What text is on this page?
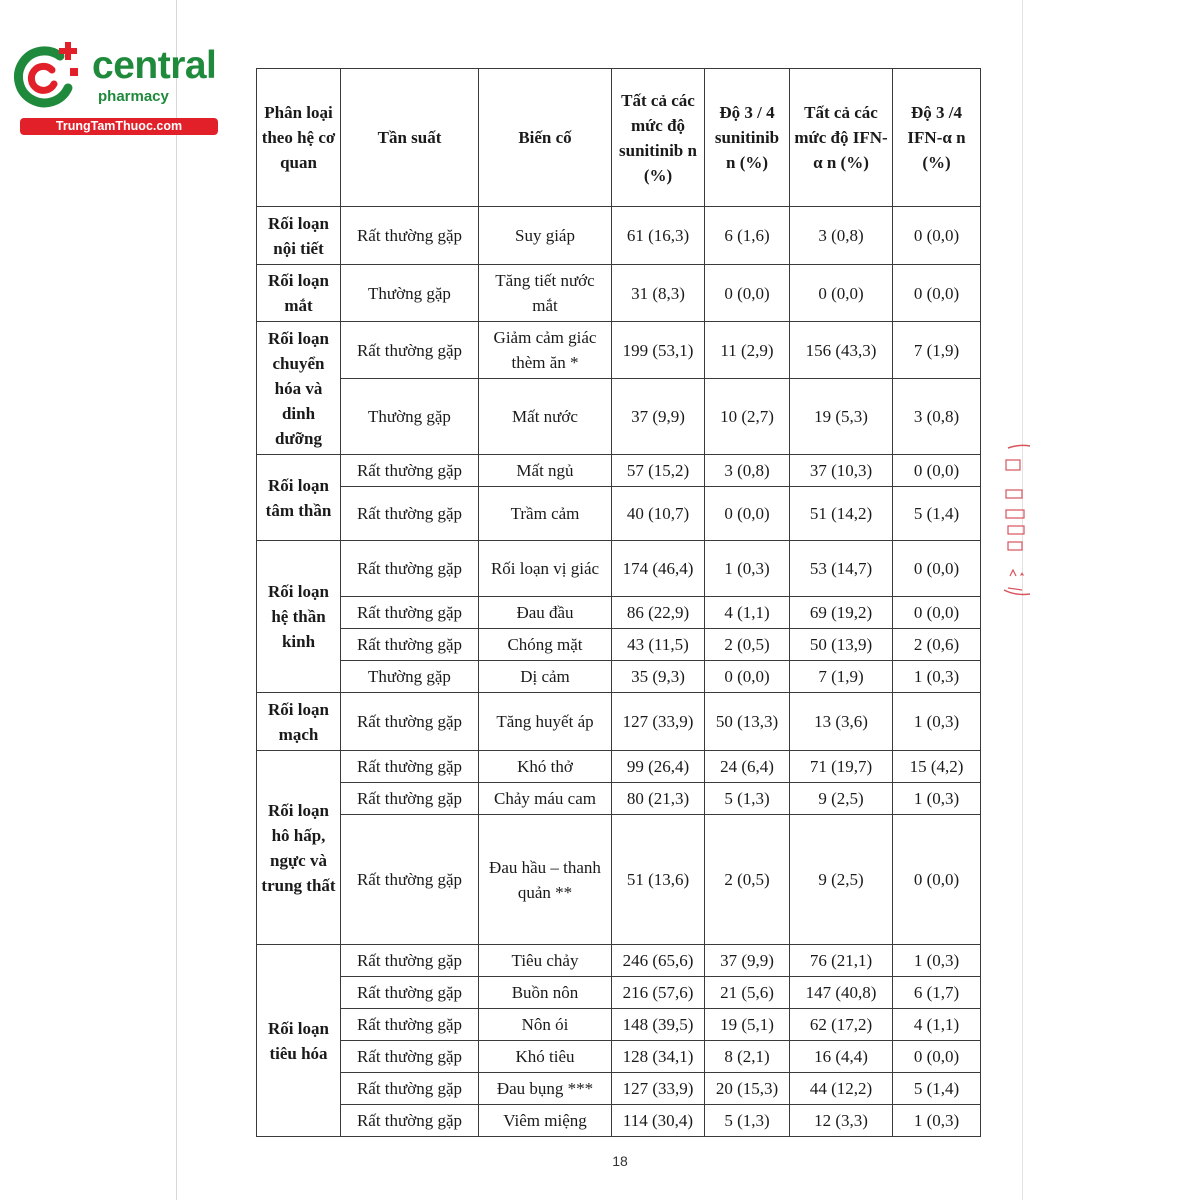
central
pharmacy
TrungTamThuoc.com
Phân loại theo hệ cơ quan	Tần suất	Biến cố	Tất cả các mức độ sunitinib n (%)	Độ 3 / 4 sunitinib n (%)	Tất cả các mức độ IFN-α n (%)	Độ 3 /4 IFN-α n (%)
Rối loạn nội tiết	Rất thường gặp	Suy giáp	61 (16,3)	6 (1,6)	3 (0,8)	0 (0,0)
Rối loạn mắt	Thường gặp	Tăng tiết nước mắt	31 (8,3)	0 (0,0)	0 (0,0)	0 (0,0)
Rối loạn chuyển hóa và dinh dưỡng	Rất thường gặp	Giảm cảm giác thèm ăn *	199 (53,1)	11 (2,9)	156 (43,3)	7 (1,9)
	Thường gặp	Mất nước	37 (9,9)	10 (2,7)	19 (5,3)	3 (0,8)
Rối loạn tâm thần	Rất thường gặp	Mất ngủ	57 (15,2)	3 (0,8)	37 (10,3)	0 (0,0)
	Rất thường gặp	Trầm cảm	40 (10,7)	0 (0,0)	51 (14,2)	5 (1,4)
Rối loạn hệ thần kinh	Rất thường gặp	Rối loạn vị giác	174 (46,4)	1 (0,3)	53 (14,7)	0 (0,0)
	Rất thường gặp	Đau đầu	86 (22,9)	4 (1,1)	69 (19,2)	0 (0,0)
	Rất thường gặp	Chóng mặt	43 (11,5)	2 (0,5)	50 (13,9)	2 (0,6)
	Thường gặp	Dị cảm	35 (9,3)	0 (0,0)	7 (1,9)	1 (0,3)
Rối loạn mạch	Rất thường gặp	Tăng huyết áp	127 (33,9)	50 (13,3)	13 (3,6)	1 (0,3)
Rối loạn hô hấp, ngực và trung thất	Rất thường gặp	Khó thở	99 (26,4)	24 (6,4)	71 (19,7)	15 (4,2)
	Rất thường gặp	Chảy máu cam	80 (21,3)	5 (1,3)	9 (2,5)	1 (0,3)
	Rất thường gặp	Đau hầu – thanh quản **	51 (13,6)	2 (0,5)	9 (2,5)	0 (0,0)
Rối loạn tiêu hóa	Rất thường gặp	Tiêu chảy	246 (65,6)	37 (9,9)	76 (21,1)	1 (0,3)
	Rất thường gặp	Buồn nôn	216 (57,6)	21 (5,6)	147 (40,8)	6 (1,7)
	Rất thường gặp	Nôn ói	148 (39,5)	19 (5,1)	62 (17,2)	4 (1,1)
	Rất thường gặp	Khó tiêu	128 (34,1)	8 (2,1)	16 (4,4)	0 (0,0)
	Rất thường gặp	Đau bụng ***	127 (33,9)	20 (15,3)	44 (12,2)	5 (1,4)
	Rất thường gặp	Viêm miệng	114 (30,4)	5 (1,3)	12 (3,3)	1 (0,3)
18
